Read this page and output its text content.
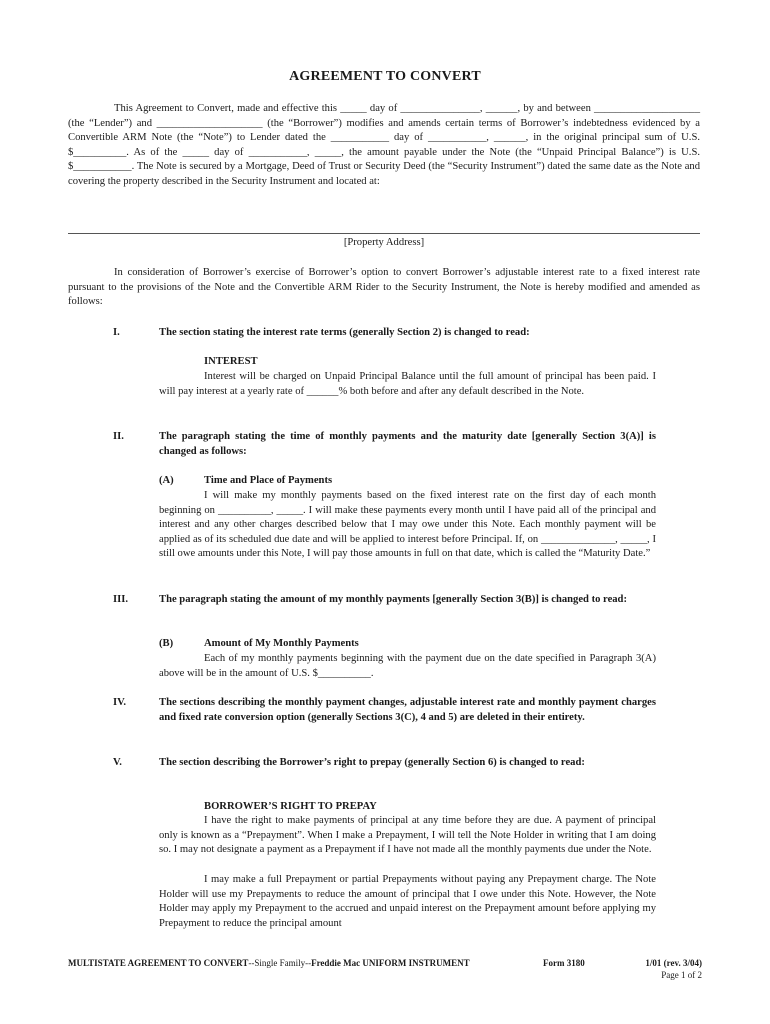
AGREEMENT TO CONVERT
This Agreement to Convert, made and effective this _____ day of _______________, ______, by and between ____________________ (the “Lender”) and ____________________ (the “Borrower”) modifies and amends certain terms of Borrower’s indebtedness evidenced by a Convertible ARM Note (the “Note”) to Lender dated the ___________ day of ___________, ______, in the original principal sum of U.S. $__________. As of the _____ day of ___________, _____, the amount payable under the Note (the “Unpaid Principal Balance”) is U.S. $___________. The Note is secured by a Mortgage, Deed of Trust or Security Deed (the “Security Instrument”) dated the same date as the Note and covering the property described in the Security Instrument and located at:
[Property Address]
In consideration of Borrower’s exercise of Borrower’s option to convert Borrower’s adjustable interest rate to a fixed interest rate pursuant to the provisions of the Note and the Convertible ARM Rider to the Security Instrument, the Note is hereby modified and amended as follows:
I.	The section stating the interest rate terms (generally Section 2) is changed to read:
INTEREST
Interest will be charged on Unpaid Principal Balance until the full amount of principal has been paid. I will pay interest at a yearly rate of ______% both before and after any default described in the Note.
II.	The paragraph stating the time of monthly payments and the maturity date [generally Section 3(A)] is changed as follows:
(A)	Time and Place of Payments
I will make my monthly payments based on the fixed interest rate on the first day of each month beginning on __________, _____. I will make these payments every month until I have paid all of the principal and interest and any other charges described below that I may owe under this Note. Each monthly payment will be applied as of its scheduled due date and will be applied to interest before Principal. If, on ______________, _____, I still owe amounts under this Note, I will pay those amounts in full on that date, which is called the “Maturity Date.”
III.	The paragraph stating the amount of my monthly payments [generally Section 3(B)] is changed to read:
(B)	Amount of My Monthly Payments
Each of my monthly payments beginning with the payment due on the date specified in Paragraph 3(A) above will be in the amount of U.S. $__________.
IV.	The sections describing the monthly payment changes, adjustable interest rate and monthly payment charges and fixed rate conversion option (generally Sections 3(C), 4 and 5) are deleted in their entirety.
V.	The section describing the Borrower’s right to prepay (generally Section 6) is changed to read:
BORROWER’S RIGHT TO PREPAY
I have the right to make payments of principal at any time before they are due. A payment of principal only is known as a “Prepayment”. When I make a Prepayment, I will tell the Note Holder in writing that I am doing so. I may not designate a payment as a Prepayment if I have not made all the monthly payments due under the Note.
I may make a full Prepayment or partial Prepayments without paying any Prepayment charge. The Note Holder will use my Prepayments to reduce the amount of principal that I owe under this Note. However, the Note Holder may apply my Prepayment to the accrued and unpaid interest on the Prepayment amount before applying my Prepayment to reduce the principal amount
MULTISTATE AGREEMENT TO CONVERT--Single Family--Freddie Mac UNIFORM INSTRUMENT	Form 3180	1/01 (rev. 3/04)
Page 1 of 2
